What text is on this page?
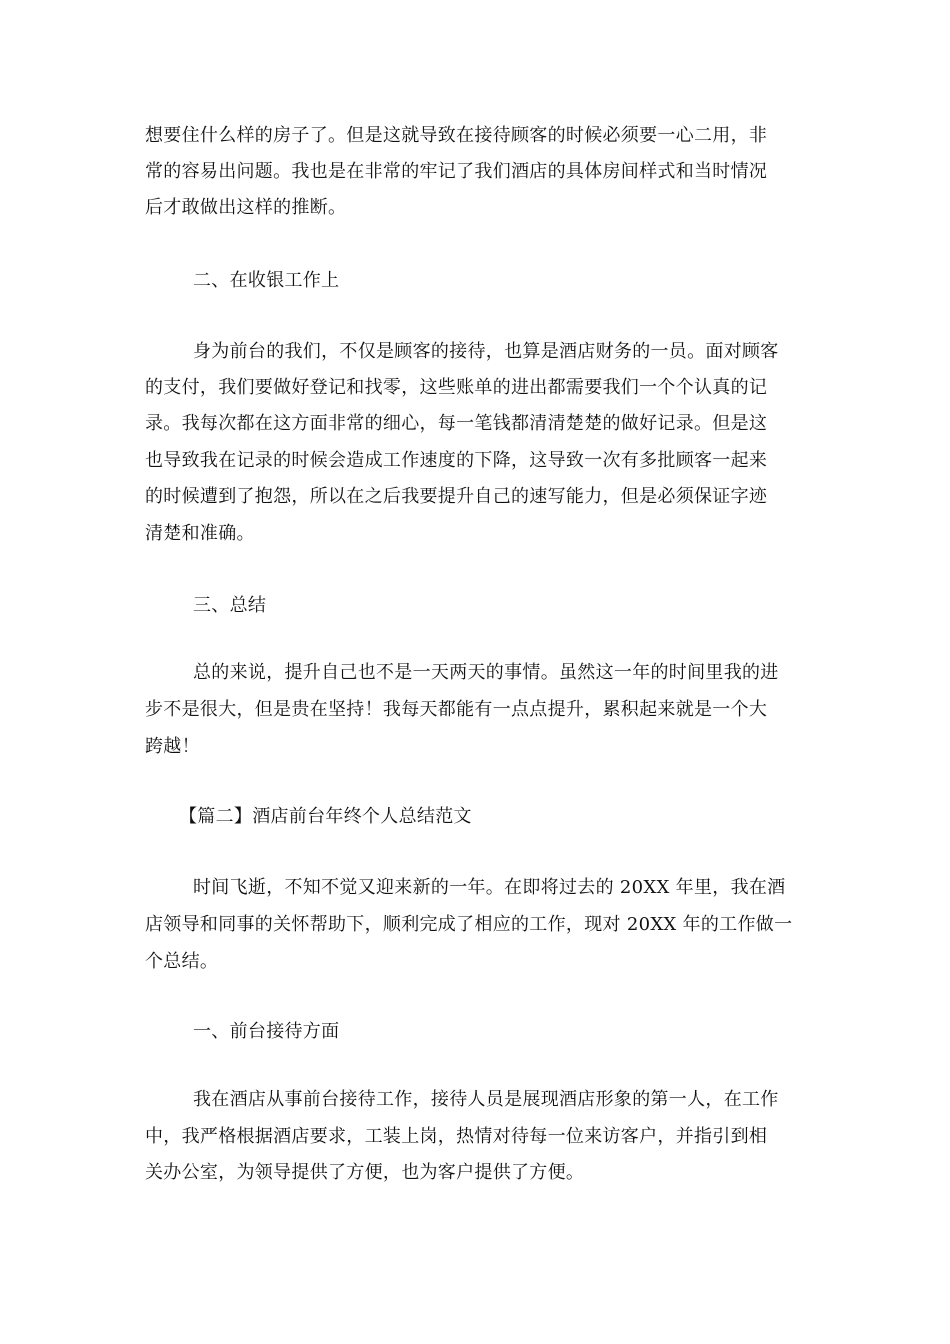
想要住什么样的房子了。但是这就导致在接待顾客的时候必须要一心二用，非
常的容易出问题。我也是在非常的牢记了我们酒店的具体房间样式和当时情况
后才敢做出这样的推断。
二、在收银工作上
身为前台的我们，不仅是顾客的接待，也算是酒店财务的一员。面对顾客
的支付，我们要做好登记和找零，这些账单的进出都需要我们一个个认真的记
录。我每次都在这方面非常的细心，每一笔钱都清清楚楚的做好记录。但是这
也导致我在记录的时候会造成工作速度的下降，这导致一次有多批顾客一起来
的时候遭到了抱怨，所以在之后我要提升自己的速写能力，但是必须保证字迹
清楚和准确。
三、总结
总的来说，提升自己也不是一天两天的事情。虽然这一年的时间里我的进
步不是很大，但是贵在坚持！我每天都能有一点点提升，累积起来就是一个大
跨越！
【篇二】酒店前台年终个人总结范文
时间飞逝，不知不觉又迎来新的一年。在即将过去的 20XX 年里，我在酒
店领导和同事的关怀帮助下，顺利完成了相应的工作，现对 20XX 年的工作做一
个总结。
一、前台接待方面
我在酒店从事前台接待工作，接待人员是展现酒店形象的第一人，在工作
中，我严格根据酒店要求，工装上岗，热情对待每一位来访客户，并指引到相
关办公室，为领导提供了方便，也为客户提供了方便。
